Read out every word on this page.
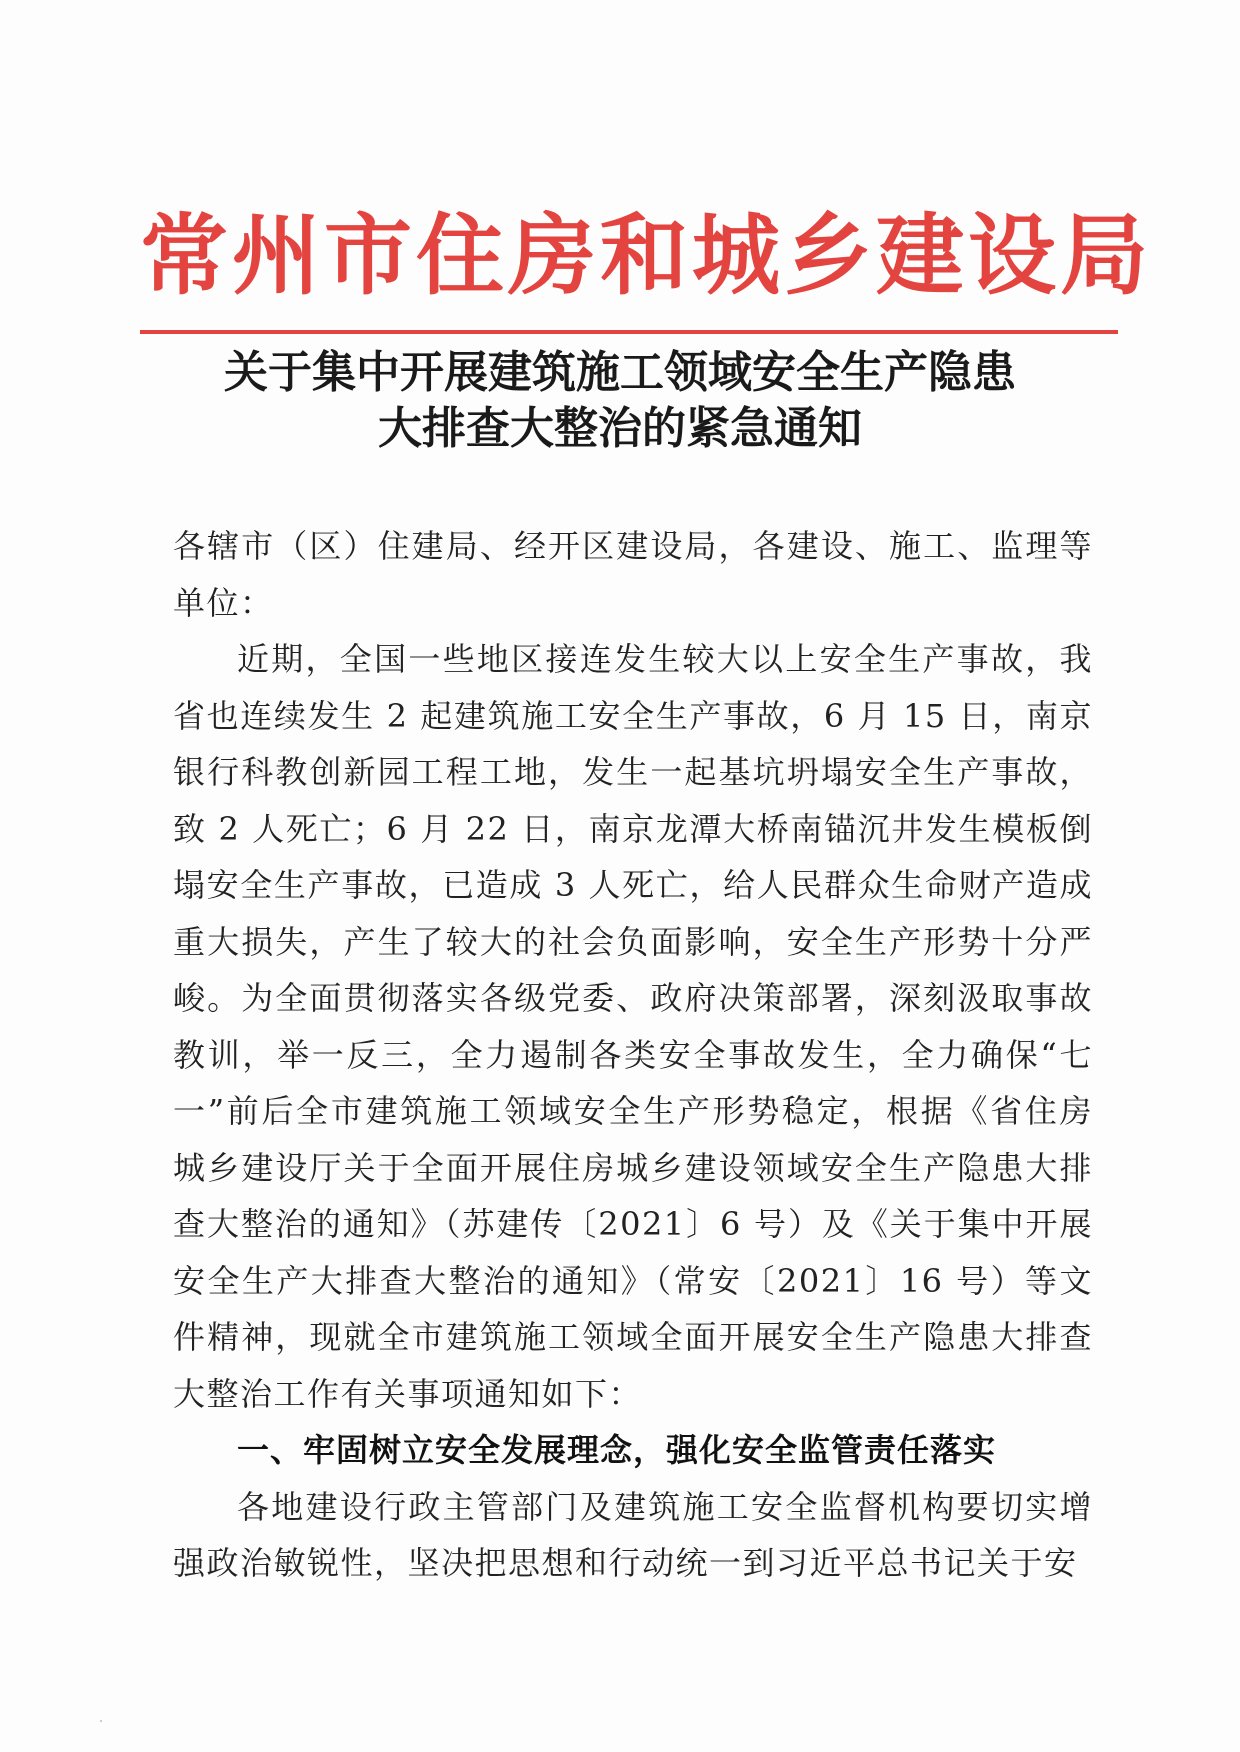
常州市住房和城乡建设局
关于集中开展建筑施工领域安全生产隐患
大排查大整治的紧急通知

各辖市（区）住建局、经开区建设局，各建设、施工、监理等单位：

近期，全国一些地区接连发生较大以上安全生产事故，我省也连续发生 2 起建筑施工安全生产事故，6 月 15 日，南京银行科教创新园工程工地，发生一起基坑坍塌安全生产事故，致 2 人死亡；6 月 22 日，南京龙潭大桥南锚沉井发生模板倒塌安全生产事故，已造成 3 人死亡，给人民群众生命财产造成重大损失，产生了较大的社会负面影响，安全生产形势十分严峻。为全面贯彻落实各级党委、政府决策部署，深刻汲取事故教训，举一反三，全力遏制各类安全事故发生，全力确保“七一”前后全市建筑施工领域安全生产形势稳定，根据《省住房城乡建设厅关于全面开展住房城乡建设领域安全生产隐患大排查大整治的通知》（苏建传〔2021〕6 号）及《关于集中开展安全生产大排查大整治的通知》（常安〔2021〕16 号）等文件精神，现就全市建筑施工领域全面开展安全生产隐患大排查大整治工作有关事项通知如下：

一、牢固树立安全发展理念，强化安全监管责任落实

各地建设行政主管部门及建筑施工安全监督机构要切实增强政治敏锐性，坚决把思想和行动统一到习近平总书记关于安
